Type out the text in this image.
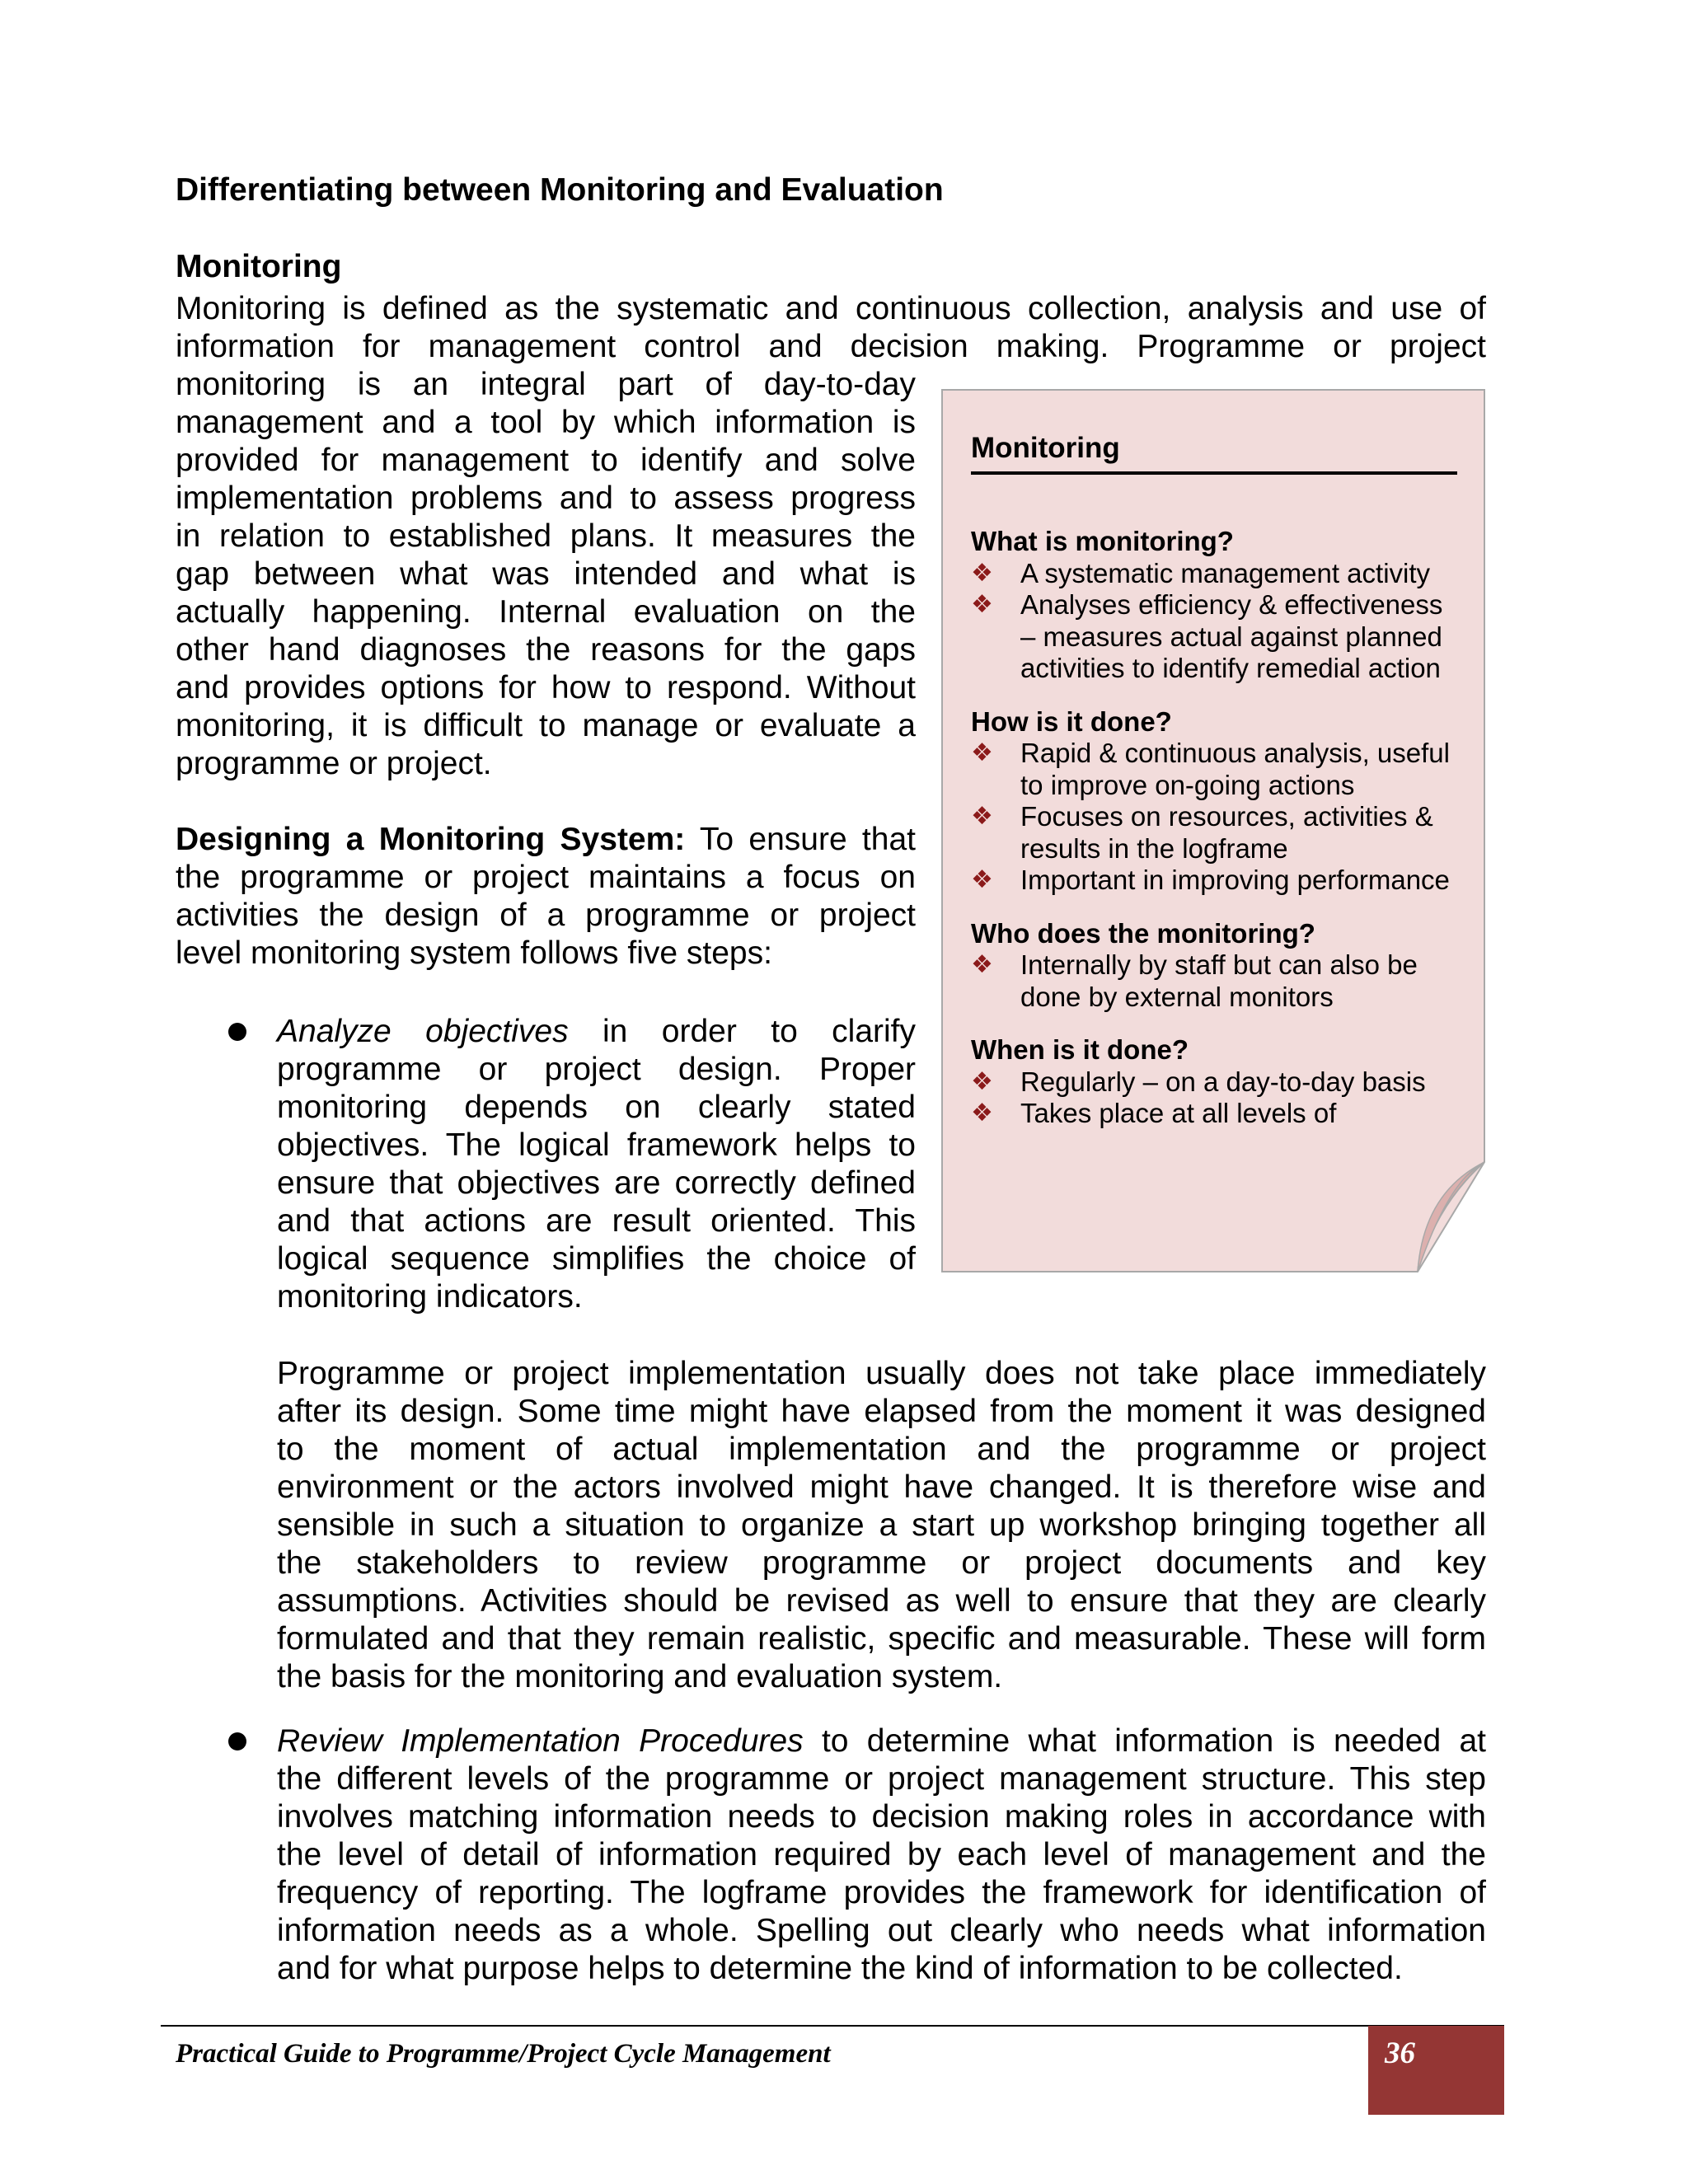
Differentiating between Monitoring and Evaluation
Monitoring
Monitoring is defined as the systematic and continuous collection, analysis and use of
information for management control and decision making. Programme or project
monitoring is an integral part of day-to-day
management and a tool by which information is
provided for management to identify and solve
implementation problems and to assess progress
in relation to established plans. It measures the
gap between what was intended and what is
actually happening. Internal evaluation on the
other hand diagnoses the reasons for the gaps
and provides options for how to respond. Without
monitoring, it is difficult to manage or evaluate a
programme or project.
Designing a Monitoring System: To ensure that
the programme or project maintains a focus on
activities the design of a programme or project
level monitoring system follows five steps:
Analyze objectives in order to clarify
programme or project design. Proper
monitoring depends on clearly stated
objectives. The logical framework helps to
ensure that objectives are correctly defined
and that actions are result oriented. This
logical sequence simplifies the choice of
monitoring indicators.
Programme or project implementation usually does not take place immediately
after its design. Some time might have elapsed from the moment it was designed
to the moment of actual implementation and the programme or project
environment or the actors involved might have changed. It is therefore wise and
sensible in such a situation to organize a start up workshop bringing together all
the stakeholders to review programme or project documents and key
assumptions. Activities should be revised as well to ensure that they are clearly
formulated and that they remain realistic, specific and measurable. These will form
the basis for the monitoring and evaluation system.
Review Implementation Procedures to determine what information is needed at
the different levels of the programme or project management structure. This step
involves matching information needs to decision making roles in accordance with
the level of detail of information required by each level of management and the
frequency of reporting. The logframe provides the framework for identification of
information needs as a whole. Spelling out clearly who needs what information
and for what purpose helps to determine the kind of information to be collected.
Monitoring
What is monitoring?
❖ A systematic management activity
❖ Analyses efficiency & effectiveness – measures actual against planned activities to identify remedial action
How is it done?
❖ Rapid & continuous analysis, useful to improve on-going actions
❖ Focuses on resources, activities & results in the logframe
❖ Important in improving performance
Who does the monitoring?
❖ Internally by staff but can also be done by external monitors
When is it done?
❖ Regularly – on a day-to-day basis
❖ Takes place at all levels of
Practical Guide to Programme/Project Cycle Management	36
